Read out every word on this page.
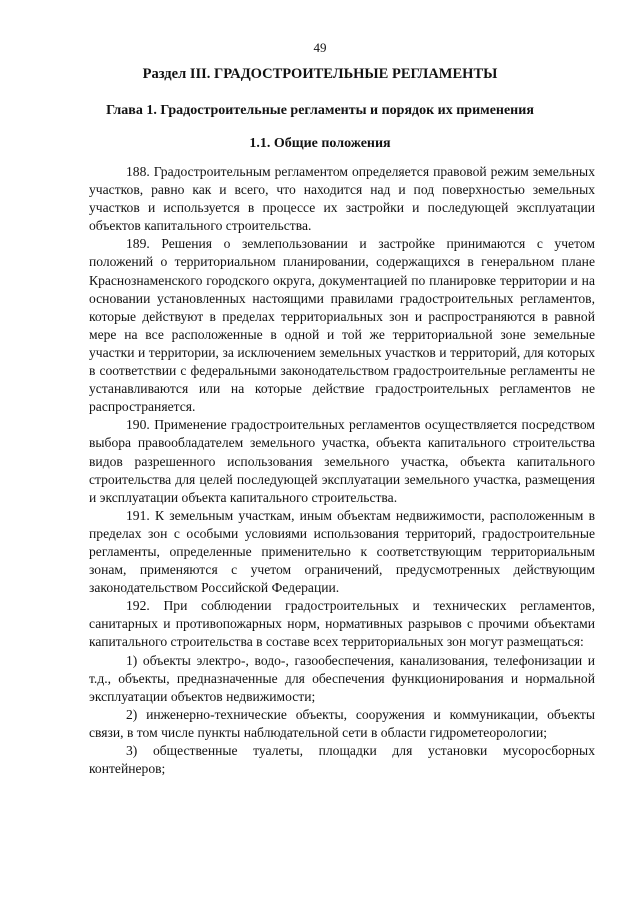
49
Раздел III. ГРАДОСТРОИТЕЛЬНЫЕ РЕГЛАМЕНТЫ
Глава 1. Градостроительные регламенты и порядок их применения
1.1. Общие положения

188. Градостроительным регламентом определяется правовой режим земельных участков, равно как и всего, что находится над и под поверхностью земельных участков и используется в процессе их застройки и последующей эксплуатации объектов капитального строительства.

189. Решения о землепользовании и застройке принимаются с учетом положений о территориальном планировании, содержащихся в генеральном плане Краснознаменского городского округа, документацией по планировке территории и на основании установленных настоящими правилами градостроительных регламентов, которые действуют в пределах территориальных зон и распространяются в равной мере на все расположенные в одной и той же территориальной зоне земельные участки и территории, за исключением земельных участков и территорий, для которых в соответствии с федеральными законодательством градостроительные регламенты не устанавливаются или на которые действие градостроительных регламентов не распространяется.

190. Применение градостроительных регламентов осуществляется посредством выбора правообладателем земельного участка, объекта капитального строительства видов разрешенного использования земельного участка, объекта капитального строительства для целей последующей эксплуатации земельного участка, размещения и эксплуатации объекта капитального строительства.

191. К земельным участкам, иным объектам недвижимости, расположенным в пределах зон с особыми условиями использования территорий, градостроительные регламенты, определенные применительно к соответствующим территориальным зонам, применяются с учетом ограничений, предусмотренных действующим законодательством Российской Федерации.

192. При соблюдении градостроительных и технических регламентов, санитарных и противопожарных норм, нормативных разрывов с прочими объектами капитального строительства в составе всех территориальных зон могут размещаться:

1) объекты электро-, водо-, газообеспечения, канализования, телефонизации и т.д., объекты, предназначенные для обеспечения функционирования и нормальной эксплуатации объектов недвижимости;

2) инженерно-технические объекты, сооружения и коммуникации, объекты связи, в том числе пункты наблюдательной сети в области гидрометеорологии;

3) общественные туалеты, площадки для установки мусоросборных контейнеров;
